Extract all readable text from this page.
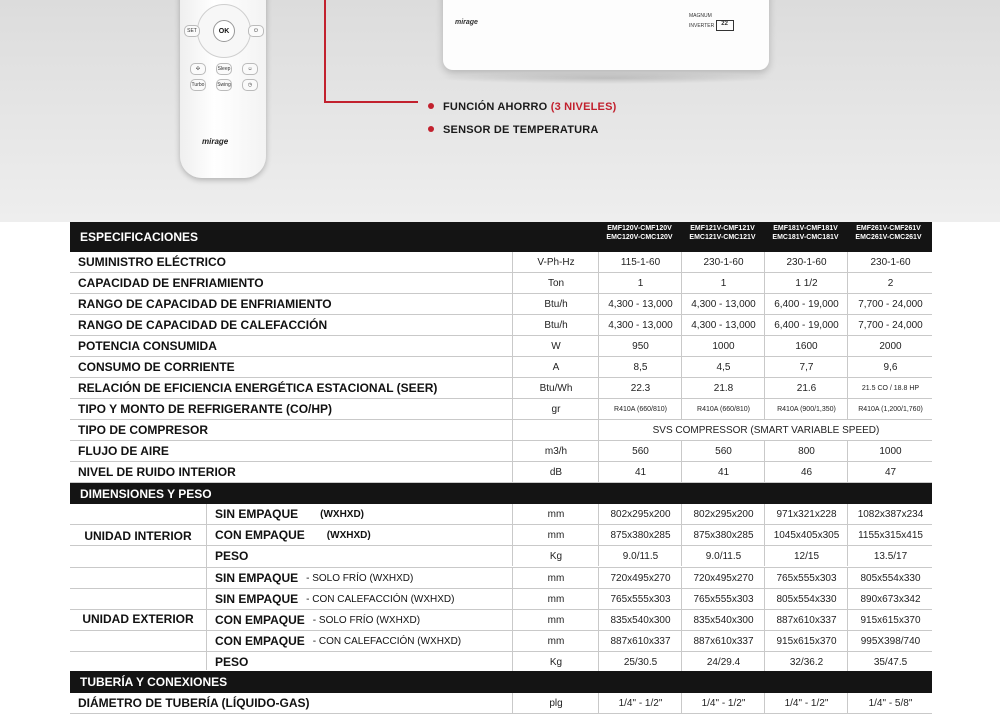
OK
SET	⏻
✣	Sleep	☺
Turbo	Swing	◷
mirage
mirage
MAGNUM
INVERTER 22
FUNCIÓN AHORRO (3 NIVELES)
SENSOR DE TEMPERATURA
ESPECIFICACIONES
EMF120V-CMF120V
EMC120V-CMC120V
EMF121V-CMF121V
EMC121V-CMC121V
EMF181V-CMF181V
EMC181V-CMC181V
EMF261V-CMF261V
EMC261V-CMC261V
SUMINISTRO ELÉCTRICO	V-Ph-Hz	115-1-60	230-1-60	230-1-60	230-1-60
CAPACIDAD DE ENFRIAMIENTO	Ton	1	1	1 1/2	2
RANGO DE CAPACIDAD DE ENFRIAMIENTO	Btu/h	4,300 - 13,000	4,300 - 13,000	6,400 - 19,000	7,700 - 24,000
RANGO DE CAPACIDAD DE CALEFACCIÓN	Btu/h	4,300 - 13,000	4,300 - 13,000	6,400 - 19,000	7,700 - 24,000
POTENCIA CONSUMIDA	W	950	1000	1600	2000
CONSUMO DE CORRIENTE	A	8,5	4,5	7,7	9,6
RELACIÓN DE EFICIENCIA ENERGÉTICA ESTACIONAL (SEER)	Btu/Wh	22.3	21.8	21.6	21.5 CO / 18.8 HP
TIPO Y MONTO DE REFRIGERANTE (CO/HP)	gr	R410A (660/810)	R410A (660/810)	R410A (900/1,350)	R410A (1,200/1,760)
TIPO DE COMPRESOR	SVS COMPRESSOR (SMART VARIABLE SPEED)
FLUJO DE AIRE	m3/h	560	560	800	1000
NIVEL DE RUIDO INTERIOR	dB	41	41	46	47
DIMENSIONES Y PESO
UNIDAD INTERIOR
SIN EMPAQUE (WXHXD)	mm	802x295x200	802x295x200	971x321x228	1082x387x234
CON EMPAQUE (WXHXD)	mm	875x380x285	875x380x285	1045x405x305	1155x315x415
PESO	Kg	9.0/11.5	9.0/11.5	12/15	13.5/17
UNIDAD EXTERIOR
SIN EMPAQUE - SOLO FRÍO (WXHXD)	mm	720x495x270	720x495x270	765x555x303	805x554x330
SIN EMPAQUE - CON CALEFACCIÓN (WXHXD)	mm	765x555x303	765x555x303	805x554x330	890x673x342
CON EMPAQUE - SOLO FRÍO (WXHXD)	mm	835x540x300	835x540x300	887x610x337	915x615x370
CON EMPAQUE - CON CALEFACCIÓN (WXHXD)	mm	887x610x337	887x610x337	915x615x370	995X398/740
PESO	Kg	25/30.5	24/29.4	32/36.2	35/47.5
TUBERÍA Y CONEXIONES
DIÁMETRO DE TUBERÍA (LÍQUIDO-GAS)	plg	1/4" - 1/2"	1/4" - 1/2"	1/4" - 1/2"	1/4" - 5/8"
